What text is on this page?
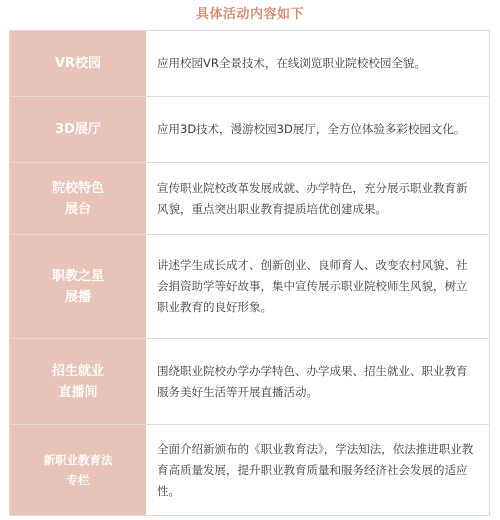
具体活动内容如下
VR校园	应用校园VR全景技术，在线浏览职业院校校园全貌。
3D展厅	应用3D技术，漫游校园3D展厅，全方位体验多彩校园文化。
院校特色
展台
宣传职业院校改革发展成就、办学特色，充分展示职业教育新风貌，重点突出职业教育提质培优创建成果。
职教之星
展播
讲述学生成长成才、创新创业、良师育人、改变农村风貌、社会捐资助学等好故事，集中宣传展示职业院校师生风貌，树立职业教育的良好形象。
招生就业
直播间
围绕职业院校办学办学特色、办学成果、招生就业、职业教育服务美好生活等开展直播活动。
新职业教育法
专栏
全面介绍新颁布的《职业教育法》，学法知法，依法推进职业教育高质量发展，提升职业教育质量和服务经济社会发展的适应性。
